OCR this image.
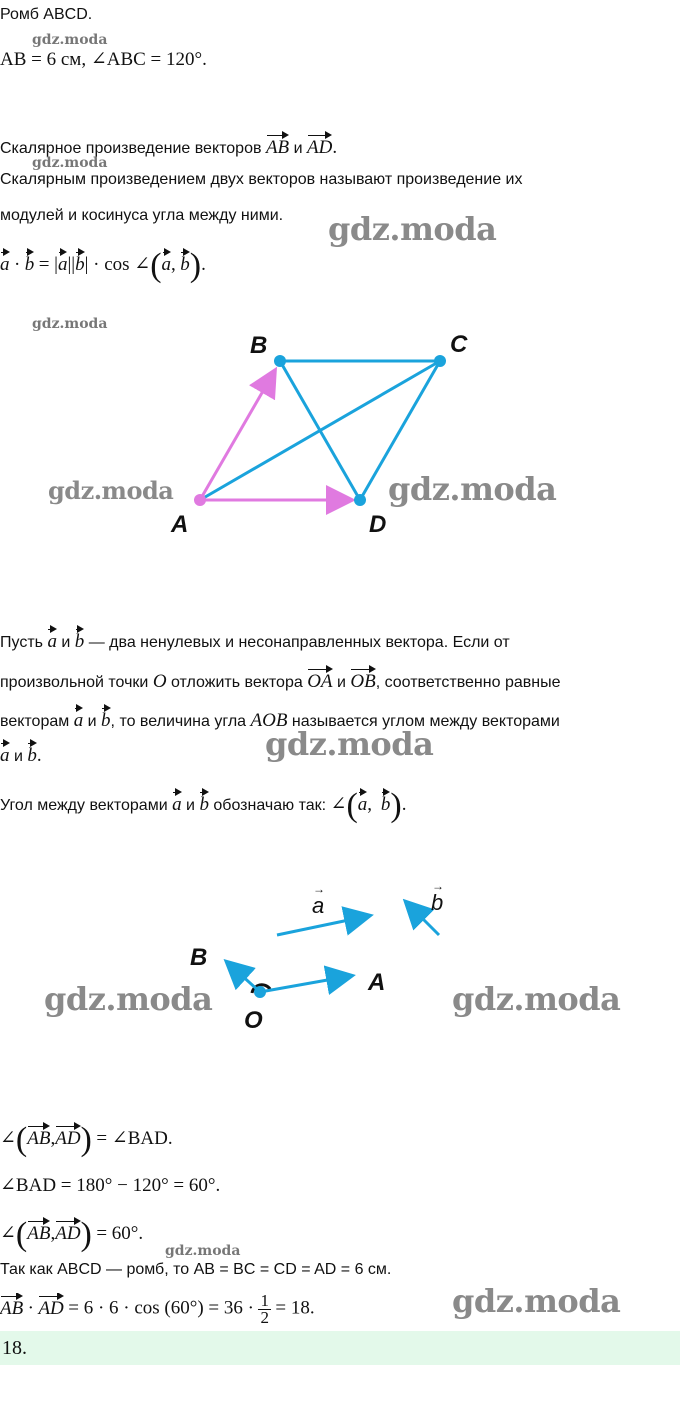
Ромб ABCD.
AB = 6 см, ∠ABC = 120°.
Скалярное произведение векторов AB и AD.
Скалярным произведением двух векторов называют произведение их
модулей и косинуса угла между ними.
a · b = |a||b| · cos ∠(a, b).
B	C
A	D
Пусть a и b — два ненулевых и несонаправленных вектора. Если от
произвольной точки O отложить вектора OA и OB, соответственно равные
векторам a и b, то величина угла AOB называется углом между векторами
a и b.
Угол между векторами a и b обозначаю так: ∠(a, b).
a
→
b
→
B
A
O
∠(AB,AD) = ∠BAD.
∠BAD = 180° − 120° = 60°.
∠(AB,AD) = 60°.
Так как ABCD — ромб, то AB = BC = CD = AD = 6 см.
AB · AD = $6 \cdot 6 \cdot \cos (60^\circ) = 36 \cdot \frac{1}{2} = 18$.
18.
gdz.moda
gdz.moda
gdz.moda
gdz.moda
gdz.moda
gdz.moda	gdz.moda
gdz.moda
gdz.moda	gdz.moda
gdz.moda
